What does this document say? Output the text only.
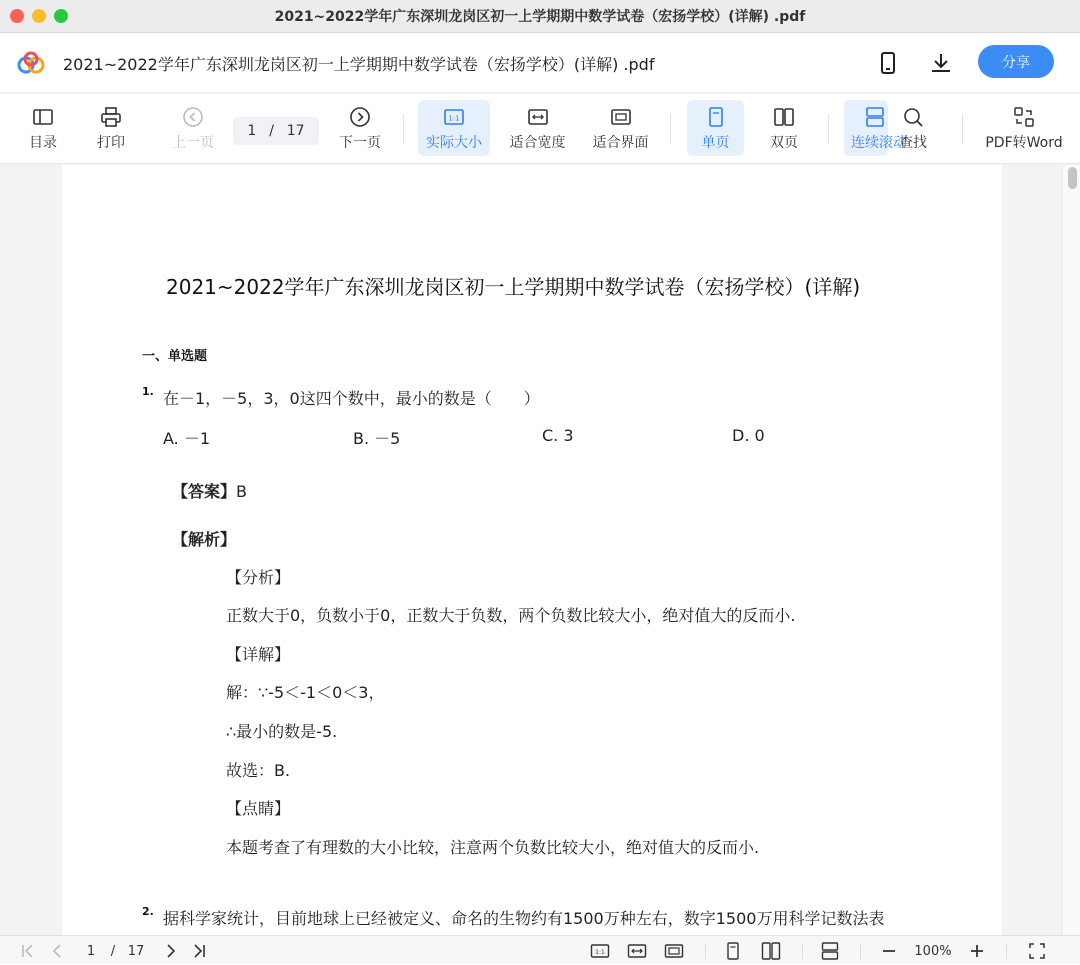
2021~2022学年广东深圳龙岗区初一上学期期中数学试卷（宏扬学校）(详解) .pdf
2021~2022学年广东深圳龙岗区初一上学期期中数学试卷（宏扬学校）(详解) .pdf	分享
目录	打印	上一页
1 / 17
下一页
1:1
实际大小 适合宽度 适合界面	单页	双页	连续滚动
查找	PDF转Word
2021~2022学年广东深圳龙岗区初一上学期期中数学试卷（宏扬学校）(详解)
一、单选题
1. 在－1，－5，3，0这四个数中，最小的数是（　　）
A. －1	B. －5	C. 3	D. 0
【答案】B
【解析】
【分析】
正数大于0，负数小于0，正数大于负数，两个负数比较大小，绝对值大的反而小.
【详解】
解：∵-5＜-1＜0＜3，
∴最小的数是-5.
故选：B.
【点睛】
本题考查了有理数的大小比较，注意两个负数比较大小，绝对值大的反而小.
2. 据科学家统计，目前地球上已经被定义、命名的生物约有1500万种左右，数字1500万用科学记数法表
1	/ 17	1:1	100%
